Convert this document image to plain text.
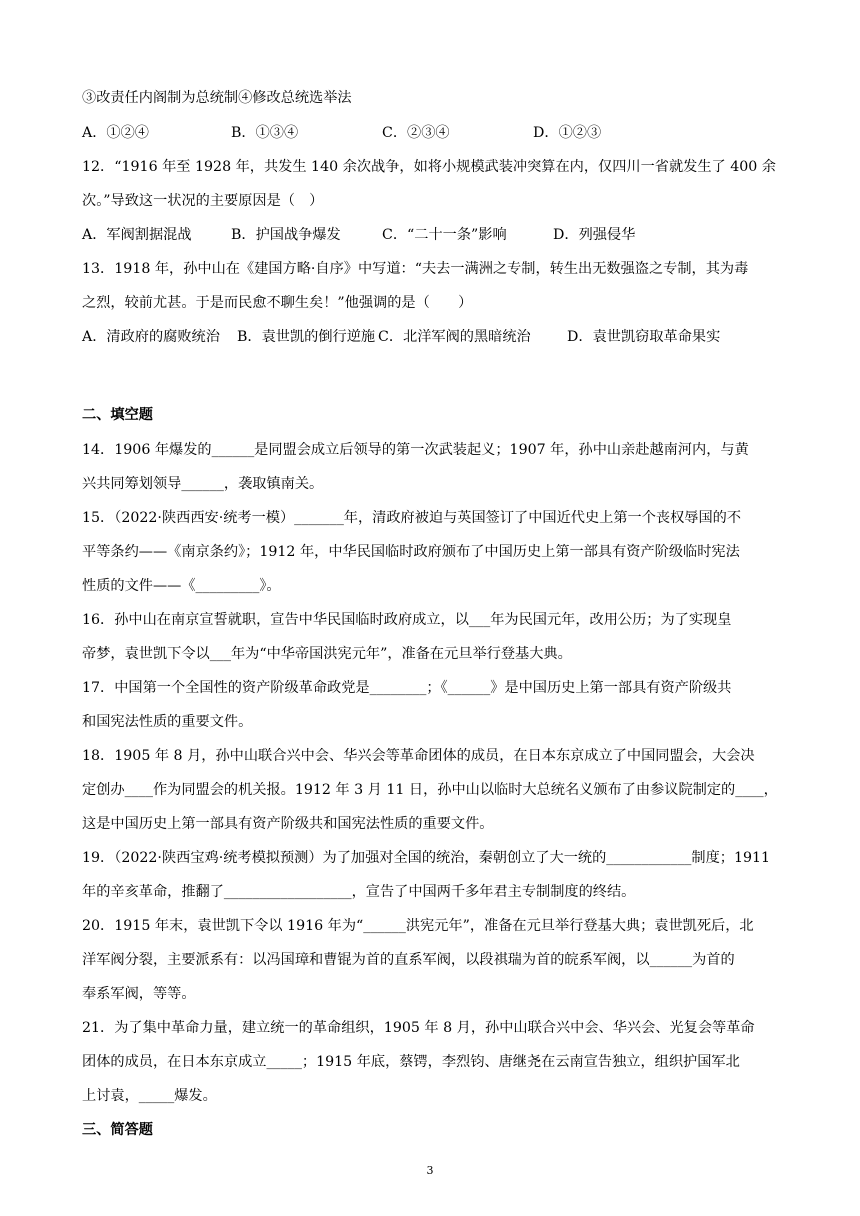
③改责任内阁制为总统制④修改总统选举法
A．①②④	B．①③④	C．②③④	D．①②③
12．“1916 年至 1928 年，共发生 140 余次战争，如将小规模武装冲突算在内，仅四川一省就发生了 400 余
次。”导致这一状况的主要原因是（　）
A．军阀割据混战	B．护国战争爆发	C．“二十一条”影响	D．列强侵华
13．1918 年，孙中山在《建国方略·自序》中写道：“夫去一满洲之专制，转生出无数强盗之专制，其为毒
之烈，较前尤甚。于是而民愈不聊生矣！”他强调的是（　　）
A．清政府的腐败统治 B．袁世凯的倒行逆施 C．北洋军阀的黑暗统治	D．袁世凯窃取革命果实
二、填空题
14．1906 年爆发的______是同盟会成立后领导的第一次武装起义；1907 年，孙中山亲赴越南河内，与黄
兴共同筹划领导______，袭取镇南关。
15．（2022·陕西西安·统考一模）_______年，清政府被迫与英国签订了中国近代史上第一个丧权辱国的不
平等条约——《南京条约》；1912 年，中华民国临时政府颁布了中国历史上第一部具有资产阶级临时宪法
性质的文件——《_________》。
16．孙中山在南京宣誓就职，宣告中华民国临时政府成立，以___年为民国元年，改用公历；为了实现皇
帝梦，袁世凯下令以___年为“中华帝国洪宪元年”，准备在元旦举行登基大典。
17．中国第一个全国性的资产阶级革命政党是________；《______》是中国历史上第一部具有资产阶级共
和国宪法性质的重要文件。
18．1905 年 8 月，孙中山联合兴中会、华兴会等革命团体的成员，在日本东京成立了中国同盟会，大会决
定创办____作为同盟会的机关报。1912 年 3 月 11 日，孙中山以临时大总统名义颁布了由参议院制定的____，
这是中国历史上第一部具有资产阶级共和国宪法性质的重要文件。
19．（2022·陕西宝鸡·统考模拟预测）为了加强对全国的统治，秦朝创立了大一统的____________制度；1911
年的辛亥革命，推翻了__________________，宣告了中国两千多年君主专制制度的终结。
20．1915 年末，袁世凯下令以 1916 年为“______洪宪元年”，准备在元旦举行登基大典；袁世凯死后，北
洋军阀分裂，主要派系有：以冯国璋和曹锟为首的直系军阀，以段祺瑞为首的皖系军阀，以______为首的
奉系军阀，等等。
21．为了集中革命力量，建立统一的革命组织，1905 年 8 月，孙中山联合兴中会、华兴会、光复会等革命
团体的成员，在日本东京成立_____；1915 年底，蔡锷，李烈钧、唐继尧在云南宣告独立，组织护国军北
上讨袁，_____爆发。
三、简答题
3
